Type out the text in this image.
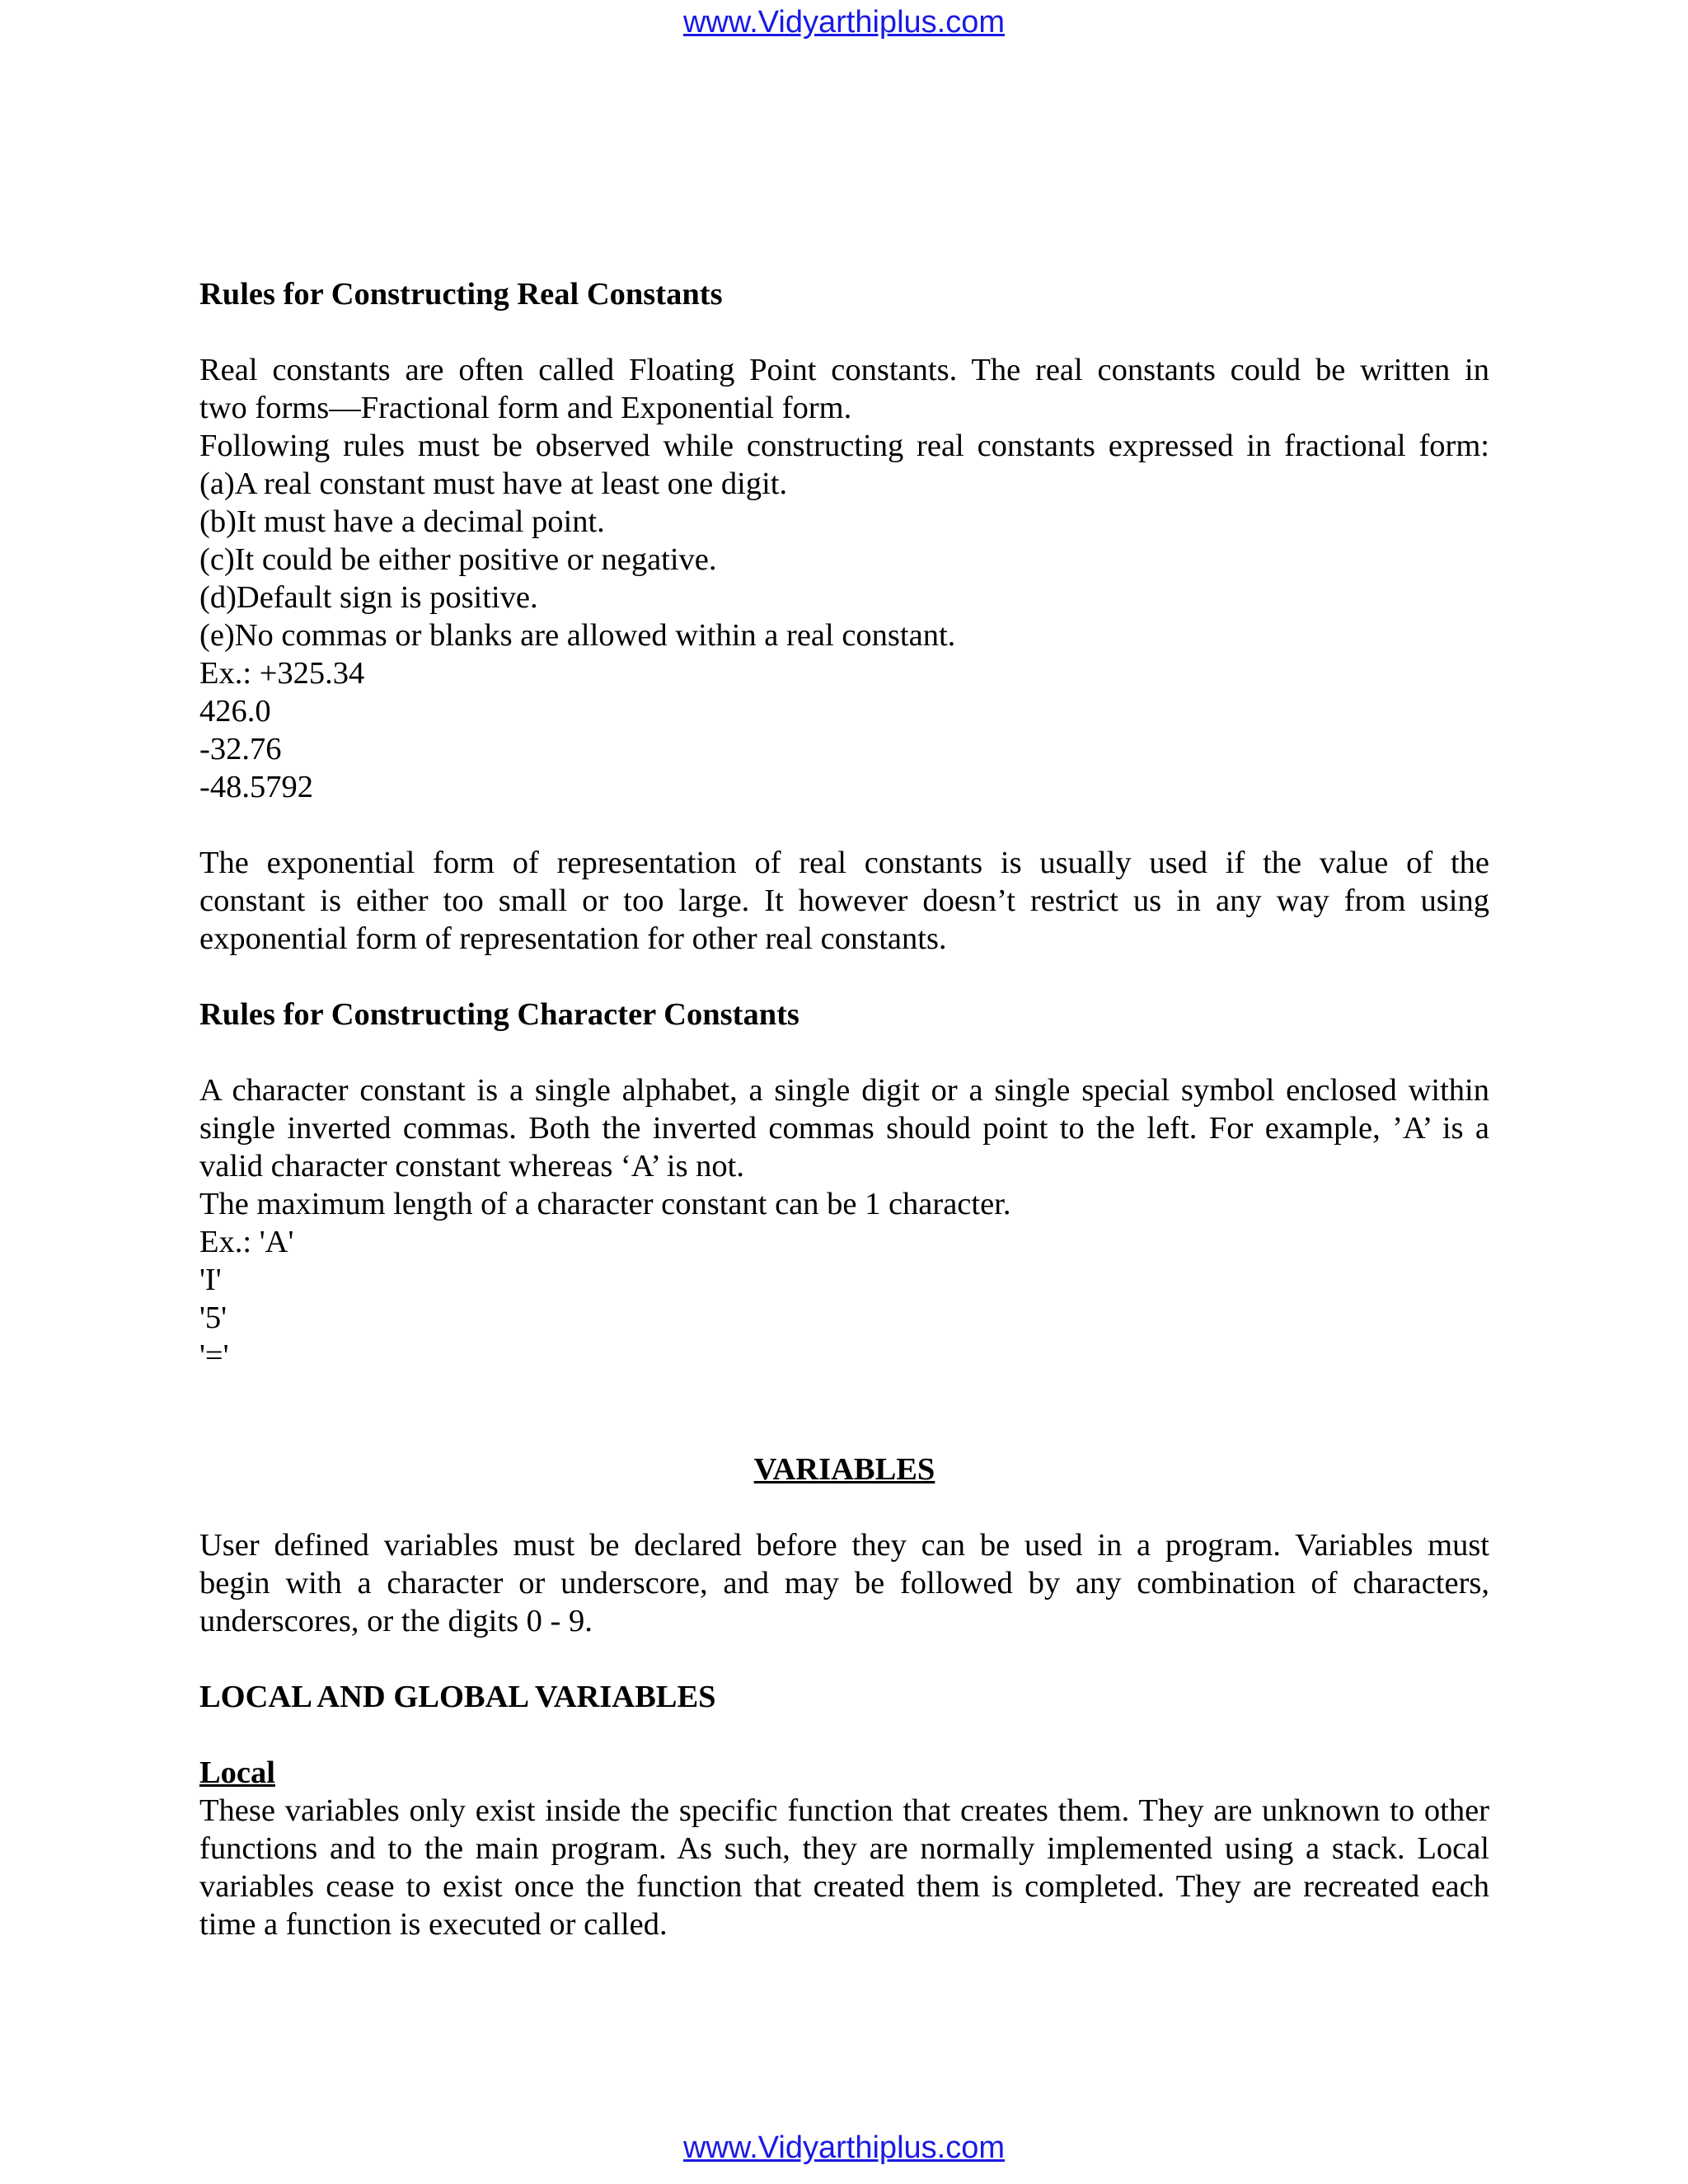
www.Vidyarthiplus.com
Rules for Constructing Real Constants
Real constants are often called Floating Point constants. The real constants could be written in
two forms—Fractional form and Exponential form.
Following rules must be observed while constructing real constants expressed in fractional form:
(a)A real constant must have at least one digit.
(b)It must have a decimal point.
(c)It could be either positive or negative.
(d)Default sign is positive.
(e)No commas or blanks are allowed within a real constant.
Ex.: +325.34
426.0
-32.76
-48.5792
The exponential form of representation of real constants is usually used if the value of the
constant is either too small or too large. It however doesn’t restrict us in any way from using
exponential form of representation for other real constants.
Rules for Constructing Character Constants
A character constant is a single alphabet, a single digit or a single special symbol enclosed within
single inverted commas. Both the inverted commas should point to the left. For example, ’A’ is a
valid character constant whereas ‘A’ is not.
The maximum length of a character constant can be 1 character.
Ex.: 'A'
'I'
'5'
'='
VARIABLES
User defined variables must be declared before they can be used in a program. Variables must
begin with a character or underscore, and may be followed by any combination of characters,
underscores, or the digits 0 - 9.
LOCAL AND GLOBAL VARIABLES
Local
These variables only exist inside the specific function that creates them. They are unknown to other
functions and to the main program. As such, they are normally implemented using a stack. Local
variables cease to exist once the function that created them is completed. They are recreated each
time a function is executed or called.
www.Vidyarthiplus.com
